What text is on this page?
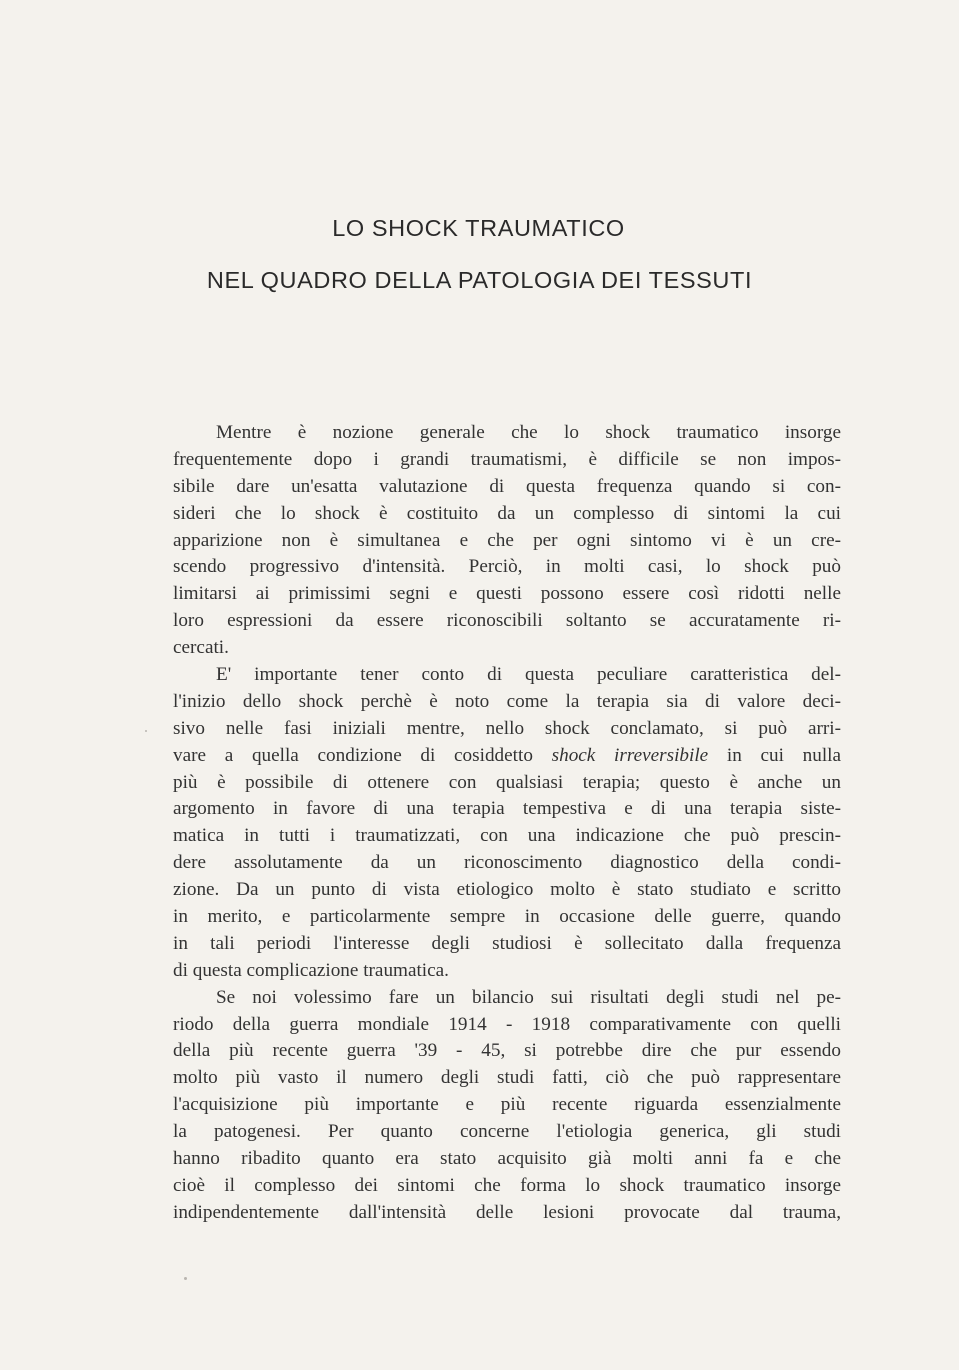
LO SHOCK TRAUMATICO
NEL QUADRO DELLA PATOLOGIA DEI TESSUTI
Mentre è nozione generale che lo shock traumatico insorge
frequentemente dopo i grandi traumatismi, è difficile se non impos-
sibile dare un'esatta valutazione di questa frequenza quando si con-
sideri che lo shock è costituito da un complesso di sintomi la cui
apparizione non è simultanea e che per ogni sintomo vi è un cre-
scendo progressivo d'intensità. Perciò, in molti casi, lo shock può
limitarsi ai primissimi segni e questi possono essere così ridotti nelle
loro espressioni da essere riconoscibili soltanto se accuratamente ri-
cercati.
E' importante tener conto di questa peculiare caratteristica del-
l'inizio dello shock perchè è noto come la terapia sia di valore deci-
sivo nelle fasi iniziali mentre, nello shock conclamato, si può arri-
vare a quella condizione di cosiddetto shock irreversibile in cui nulla
più è possibile di ottenere con qualsiasi terapia; questo è anche un
argomento in favore di una terapia tempestiva e di una terapia siste-
matica in tutti i traumatizzati, con una indicazione che può prescin-
dere assolutamente da un riconoscimento diagnostico della condi-
zione. Da un punto di vista etiologico molto è stato studiato e scritto
in merito, e particolarmente sempre in occasione delle guerre, quando
in tali periodi l'interesse degli studiosi è sollecitato dalla frequenza
di questa complicazione traumatica.
Se noi volessimo fare un bilancio sui risultati degli studi nel pe-
riodo della guerra mondiale 1914 - 1918 comparativamente con quelli
della più recente guerra '39 - 45, si potrebbe dire che pur essendo
molto più vasto il numero degli studi fatti, ciò che può rappresentare
l'acquisizione più importante e più recente riguarda essenzialmente
la patogenesi. Per quanto concerne l'etiologia generica, gli studi
hanno ribadito quanto era stato acquisito già molti anni fa e che
cioè il complesso dei sintomi che forma lo shock traumatico insorge
indipendentemente dall'intensità delle lesioni provocate dal trauma,
